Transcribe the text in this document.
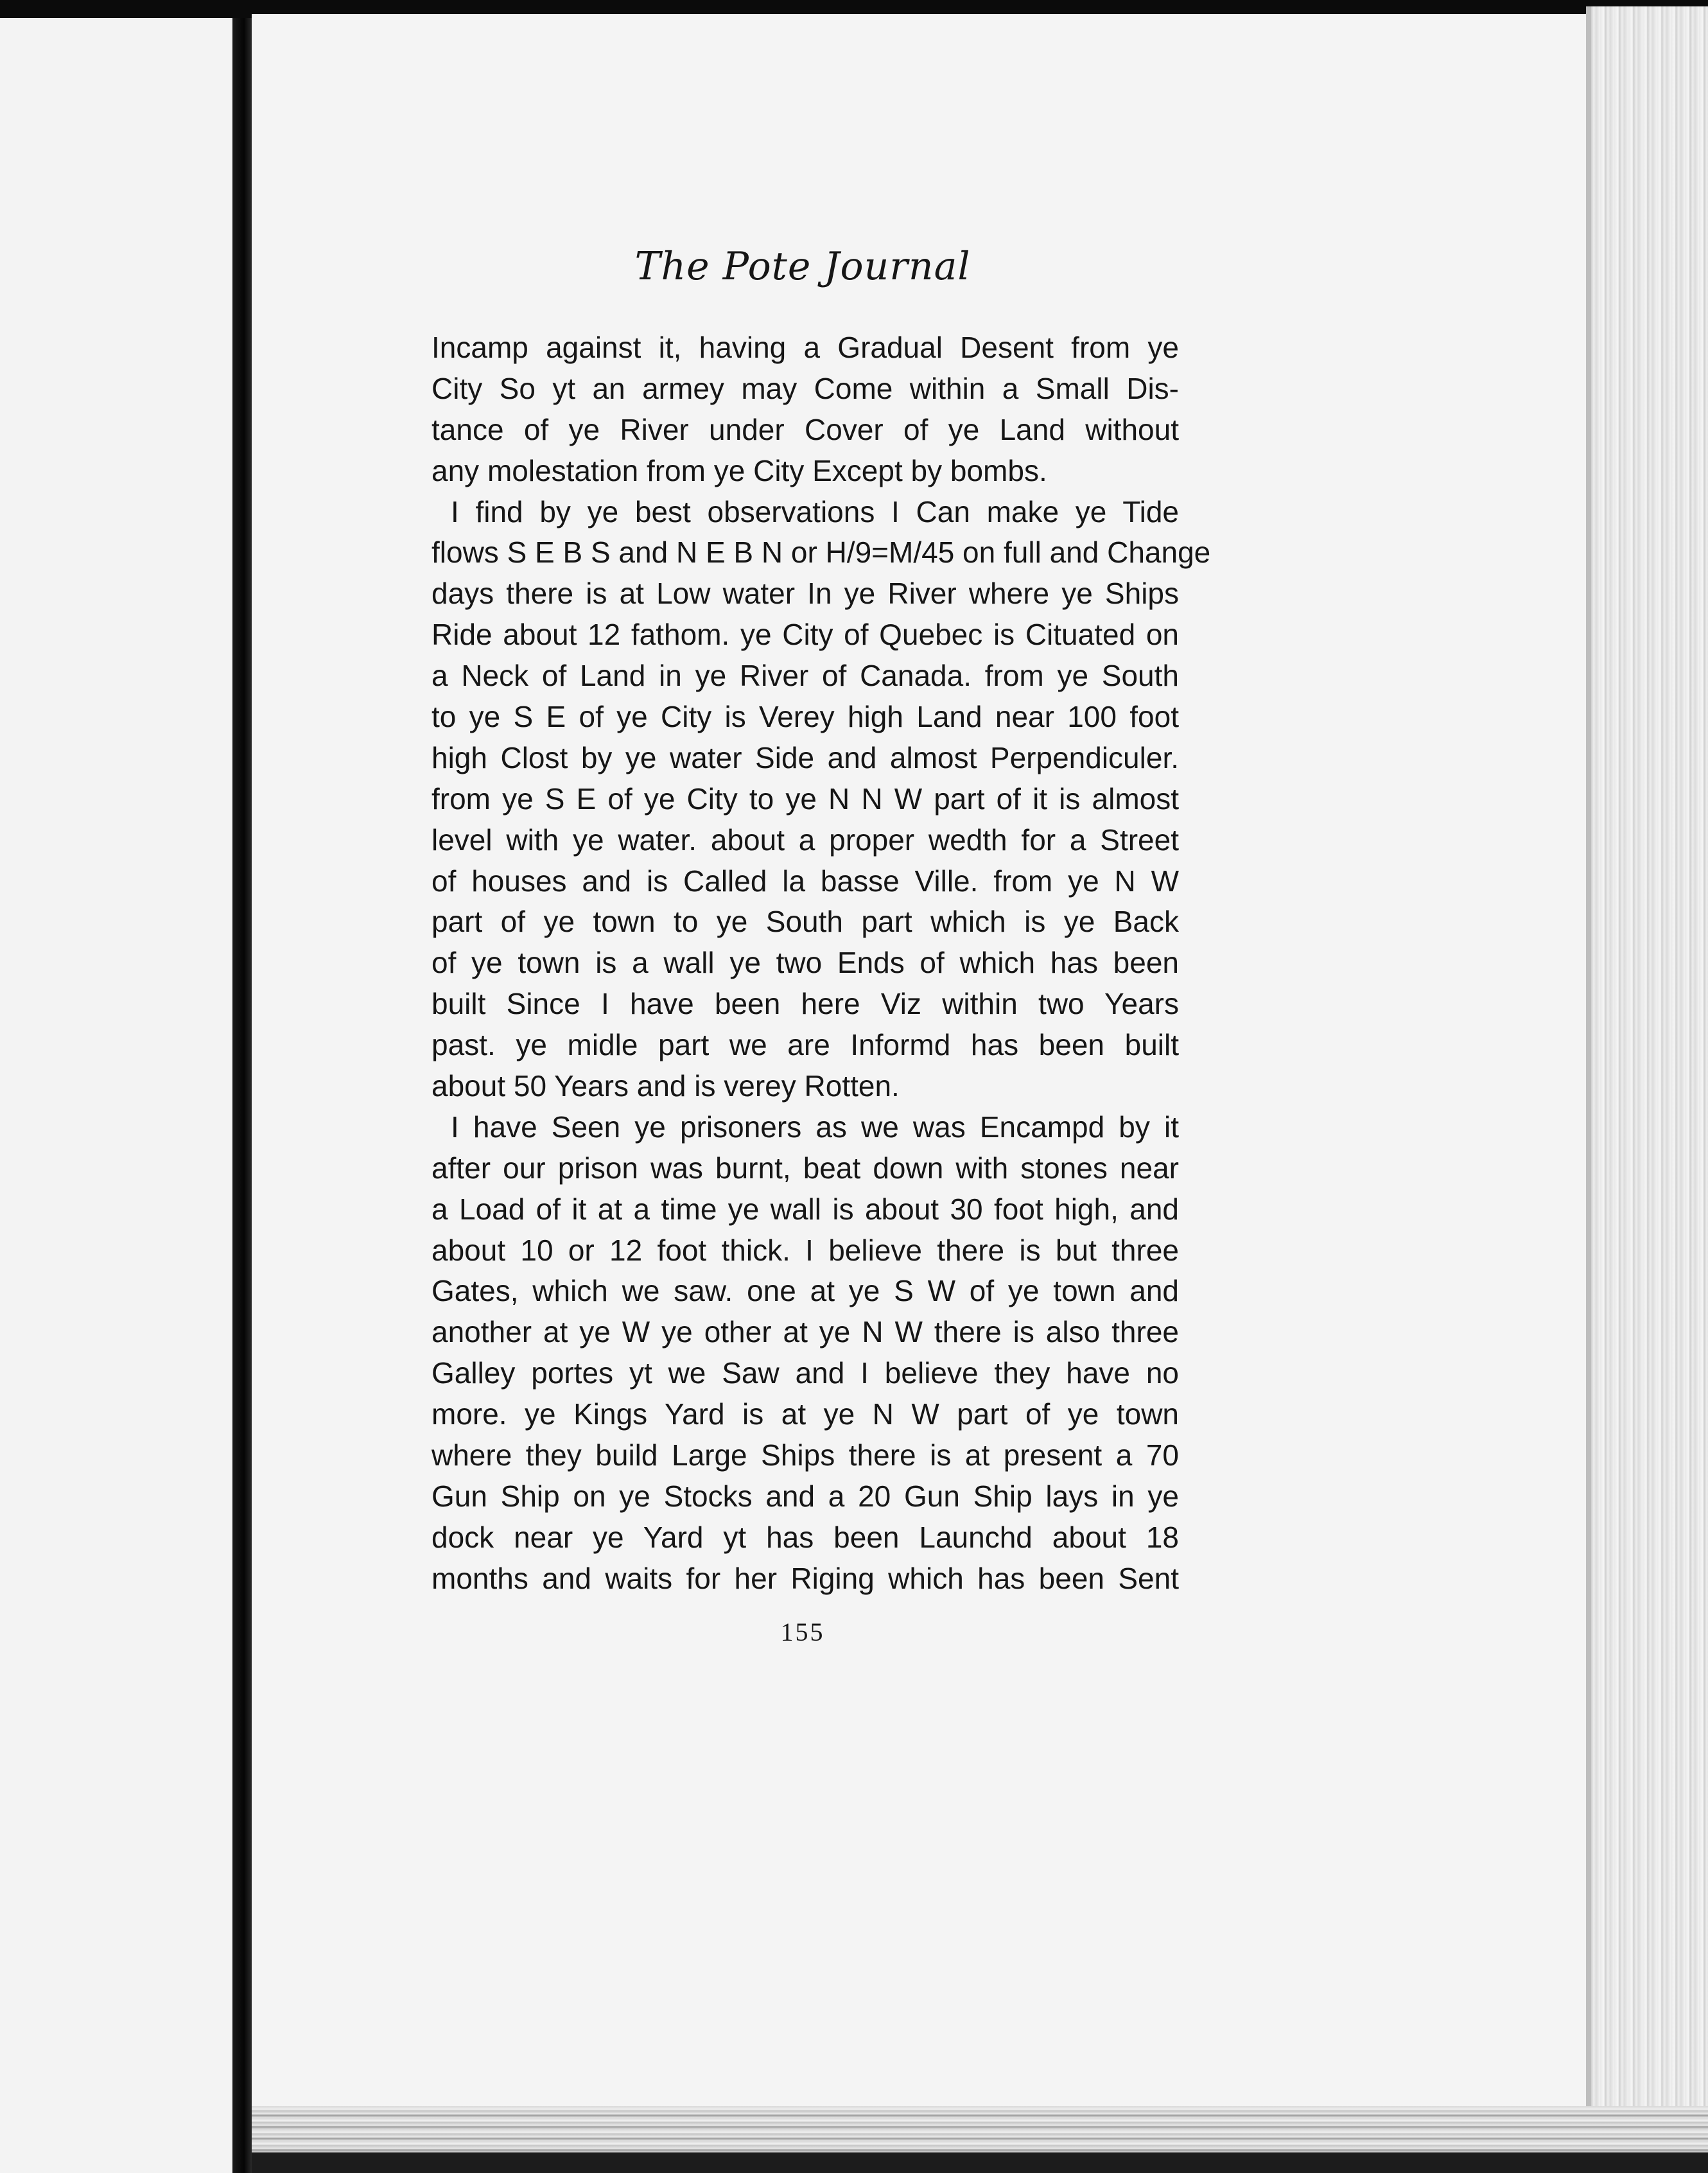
The Pote Journal
Incamp against it, having a Gradual Desent from ye
City So yt an armey may Come within a Small Dis-
tance of ye River under Cover of ye Land without
any molestation from ye City Except by bombs.
I find by ye best observations I Can make ye Tide
flows S E B S and N E B N or H/9=M/45 on full and Change
days there is at Low water In ye River where ye Ships
Ride about 12 fathom. ye City of Quebec is Cituated on
a Neck of Land in ye River of Canada. from ye South
to ye S E of ye City is Verey high Land near 100 foot
high Clost by ye water Side and almost Perpendiculer.
from ye S E of ye City to ye N N W part of it is almost
level with ye water. about a proper wedth for a Street
of houses and is Called la basse Ville. from ye N W
part of ye town to ye South part which is ye Back
of ye town is a wall ye two Ends of which has been
built Since I have been here Viz within two Years
past. ye midle part we are Informd has been built
about 50 Years and is verey Rotten.
I have Seen ye prisoners as we was Encampd by it
after our prison was burnt, beat down with stones near
a Load of it at a time ye wall is about 30 foot high, and
about 10 or 12 foot thick. I believe there is but three
Gates, which we saw. one at ye S W of ye town and
another at ye W ye other at ye N W there is also three
Galley portes yt we Saw and I believe they have no
more. ye Kings Yard is at ye N W part of ye town
where they build Large Ships there is at present a 70
Gun Ship on ye Stocks and a 20 Gun Ship lays in ye
dock near ye Yard yt has been Launchd about 18
months and waits for her Riging which has been Sent
155
